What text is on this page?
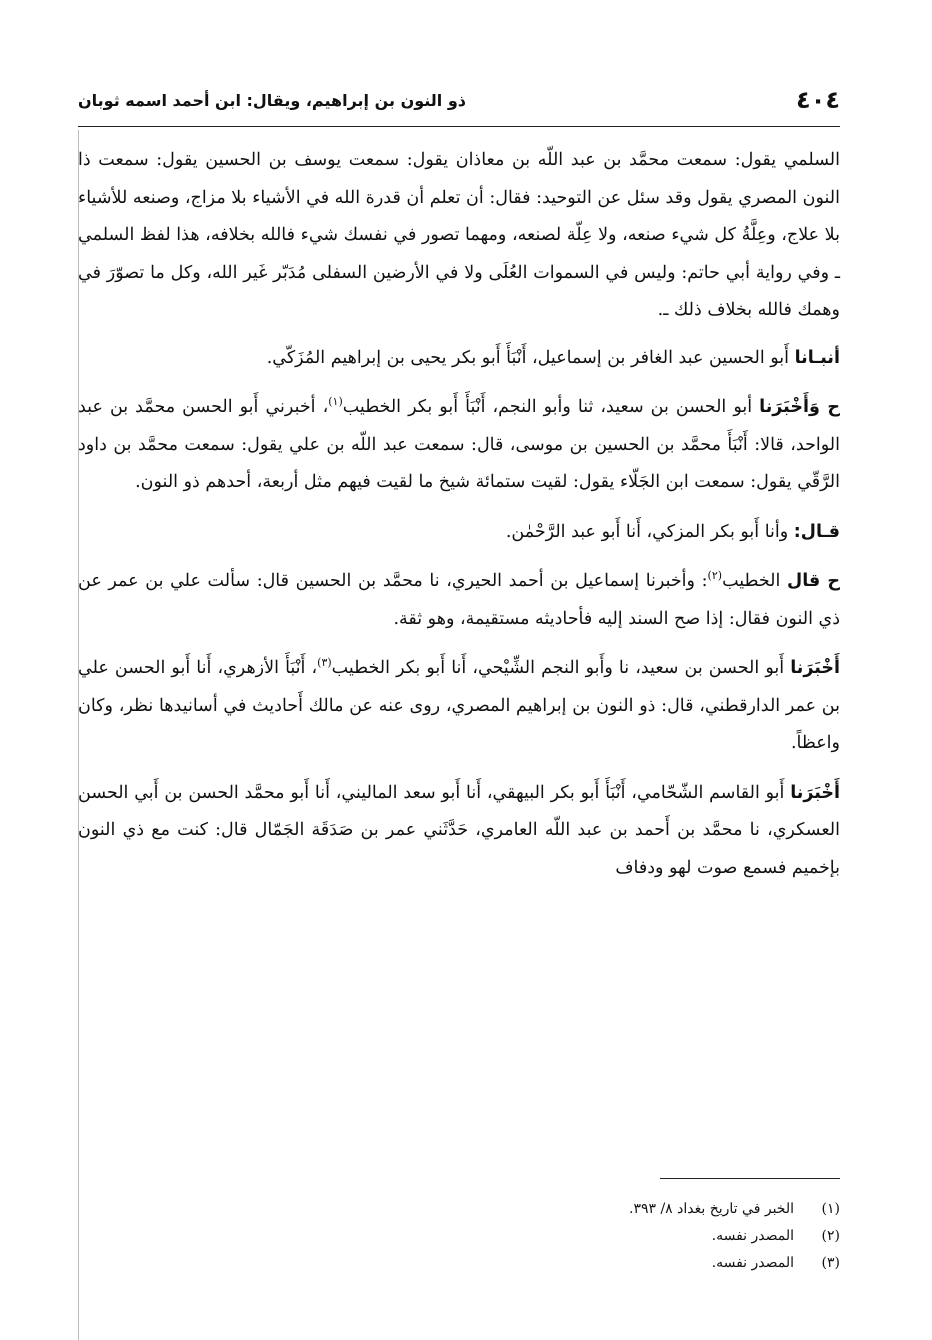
٤٠٤
ذو النون بن إبراهيم، ويقال: ابن أحمد اسمه ثوبان

السلمي يقول: سمعت محمَّد بن عبد اللّه بن معاذان يقول: سمعت يوسف بن الحسين يقول: سمعت ذا النون المصري يقول وقد سئل عن التوحيد: فقال: أن تعلم أن قدرة الله في الأشياء بلا مزاج، وصنعه للأشياء بلا علاج، وعِلَّةُ كل شيء صنعه، ولا عِلّة لصنعه، ومهما تصور في نفسك شيء فالله بخلافه، هذا لفظ السلمي ـ وفي رواية أبي حاتم: وليس في السموات العُلَى ولا في الأرضين السفلى مُدَبّر غَير الله، وكل ما تصوّرَ في وهمك فالله بخلاف ذلك ـ.

أنبـانا أَبو الحسين عبد الغافر بن إسماعيل، أَنْبَأَ أَبو بكر يحيى بن إبراهيم المُزَكّي.

ح وَأَخْبَرَنا أبو الحسن بن سعيد، ثنا وأبو النجم، أَنْبَأَ أَبو بكر الخطيب$^{(١)}$، أخبرني أَبو الحسن محمَّد بن عبد الواحد، قالا: أَنْبَأَ محمَّد بن الحسين بن موسى، قال: سمعت عبد اللّه بن علي يقول: سمعت محمَّد بن داود الرَّقّي يقول: سمعت ابن الجَلّاء يقول: لقيت ستمائة شيخ ما لقيت فيهم مثل أربعة، أحدهم ذو النون.

قـال: وأنا أَبو بكر المزكي، أَنا أَبو عبد الرَّحْمٰن.

ح قال الخطيب$^{(٢)}$: وأخبرنا إسماعيل بن أحمد الحيري، نا محمَّد بن الحسين قال: سألت علي بن عمر عن ذي النون فقال: إذا صح السند إليه فأحاديثه مستقيمة، وهو ثقة.

أَخْبَرَنا أَبو الحسن بن سعيد، نا وأَبو النجم الشِّيْحي، أَنا أَبو بكر الخطيب$^{(٣)}$، أَنْبَأَ الأزهري، أَنا أَبو الحسن علي بن عمر الدارقطني، قال: ذو النون بن إبراهيم المصري، روى عنه عن مالك أَحاديث في أسانيدها نظر، وكان واعظاً.

أَخْبَرَنا أَبو القاسم الشّحّامي، أَنْبَأَ أَبو بكر البيهقي، أَنا أَبو سعد الماليني، أَنا أَبو محمَّد الحسن بن أَبي الحسن العسكري، نا محمَّد بن أَحمد بن عبد اللّه العامري، حَدَّثَني عمر بن صَدَقَة الجَمّال قال: كنت مع ذي النون بإخميم فسمع صوت لهو ودفاف

(١)
الخبر في تاريخ بغداد ٨/ ٣٩٣.
(٢)
المصدر نفسه.
(٣)
المصدر نفسه.
